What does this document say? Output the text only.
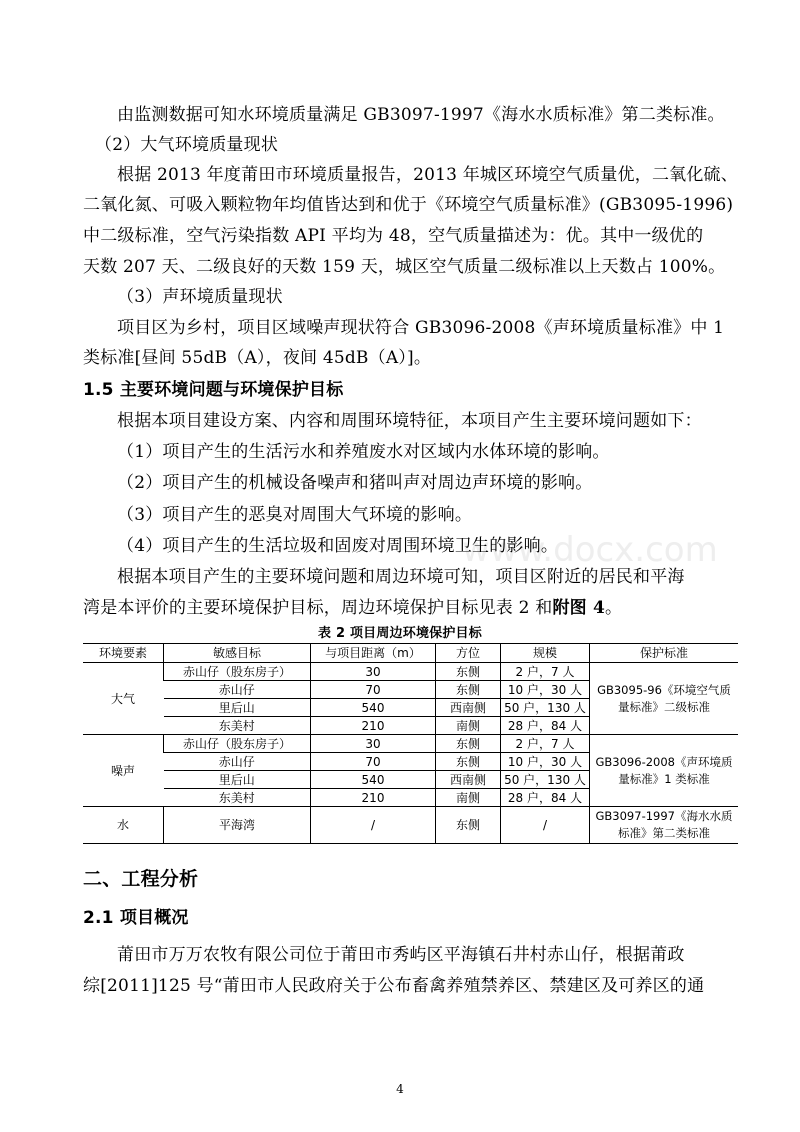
www.docx.com
由监测数据可知水环境质量满足 GB3097-1997《海水水质标准》第二类标准。
（2）大气环境质量现状
根据 2013 年度莆田市环境质量报告，2013 年城区环境空气质量优，二氧化硫、
二氧化氮、可吸入颗粒物年均值皆达到和优于《环境空气质量标准》(GB3095-1996)
中二级标准，空气污染指数 API 平均为 48，空气质量描述为：优。其中一级优的
天数 207 天、二级良好的天数 159 天，城区空气质量二级标准以上天数占 100%。
（3）声环境质量现状
项目区为乡村，项目区域噪声现状符合 GB3096-2008《声环境质量标准》中 1
类标准[昼间 55dB（A），夜间 45dB（A）]。
1.5 主要环境问题与环境保护目标
根据本项目建设方案、内容和周围环境特征，本项目产生主要环境问题如下：
（1）项目产生的生活污水和养殖废水对区域内水体环境的影响。
（2）项目产生的机械设备噪声和猪叫声对周边声环境的影响。
（3）项目产生的恶臭对周围大气环境的影响。
（4）项目产生的生活垃圾和固废对周围环境卫生的影响。
根据本项目产生的主要环境问题和周边环境可知，项目区附近的居民和平海
湾是本评价的主要环境保护目标，周边环境保护目标见表 2 和附图 4。
表 2 项目周边环境保护目标
环境要素	敏感目标	与项目距离（m）	方位	规模	保护标准
大气	赤山仔（股东房子）	30	东侧	2 户，7 人	GB3095-96《环境空气质
量标准》二级标准
	赤山仔	70	东侧	10 户，30 人	
	里后山	540	西南侧	50 户，130 人	
	东美村	210	南侧	28 户，84 人	
噪声	赤山仔（股东房子）	30	东侧	2 户，7 人	GB3096-2008《声环境质
量标准》1 类标准
	赤山仔	70	东侧	10 户，30 人	
	里后山	540	西南侧	50 户，130 人	
	东美村	210	南侧	28 户，84 人	
水	平海湾	/	东侧	/	GB3097-1997《海水水质
标准》第二类标准
二、工程分析
2.1 项目概况
莆田市万万农牧有限公司位于莆田市秀屿区平海镇石井村赤山仔，根据莆政
综[2011]125 号“莆田市人民政府关于公布畜禽养殖禁养区、禁建区及可养区的通
4
